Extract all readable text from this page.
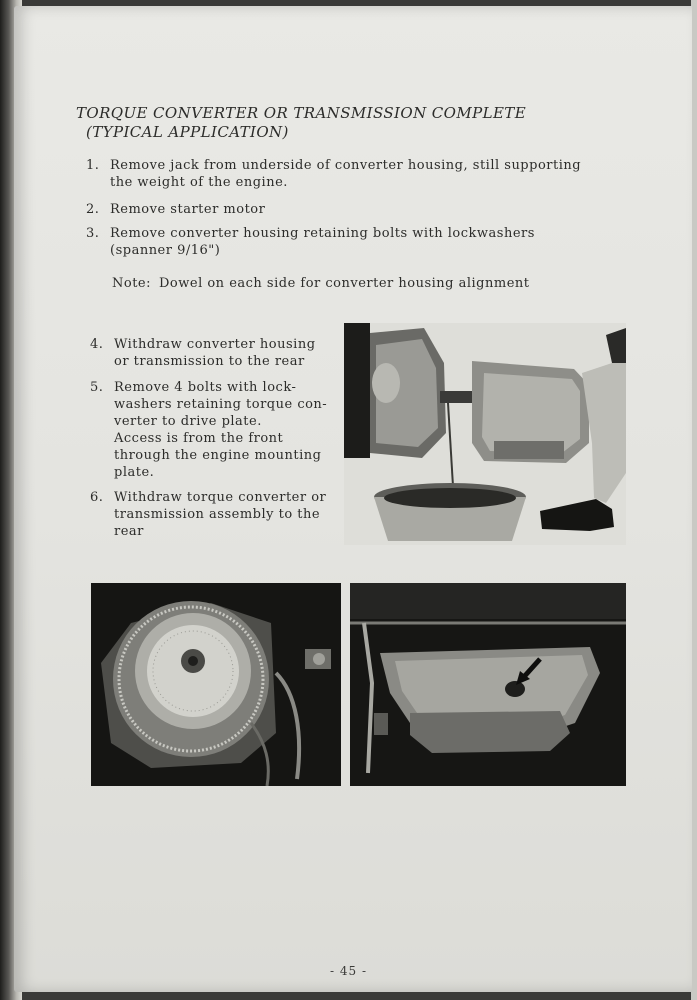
TORQUE CONVERTER OR TRANSMISSION COMPLETE
(TYPICAL APPLICATION)
1. Remove jack from underside of converter housing, still supporting
the weight of the engine.
2. Remove starter motor
3. Remove converter housing retaining bolts with lockwashers
(spanner 9/16")
Note: Dowel on each side for converter housing alignment
4. Withdraw converter housing
or transmission to the rear
5. Remove 4 bolts with lock-
washers retaining torque con-
verter to drive plate.
Access is from the front
through the engine mounting
plate.
6. Withdraw torque converter or
transmission assembly to the
rear
- 45 -
